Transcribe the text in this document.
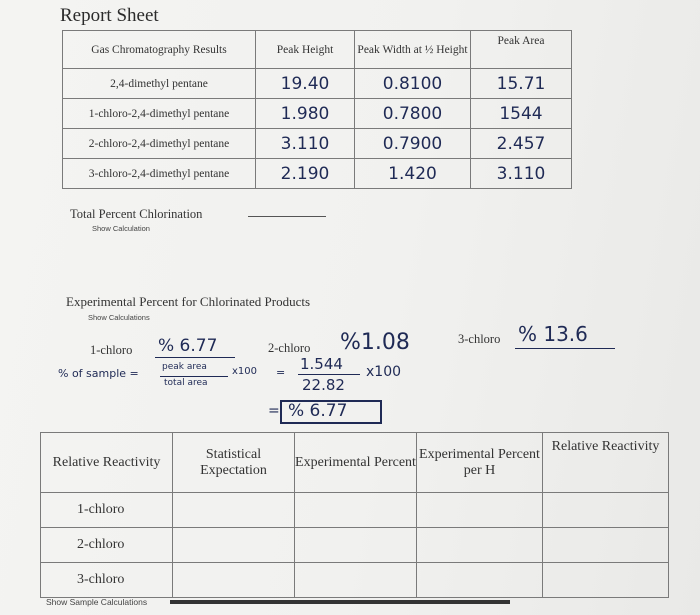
Report Sheet
Gas Chromatography Results	Peak Height	Peak Width at ½ Height	Peak Area
2,4-dimethyl pentane	19.40	0.8100	15.71
1-chloro-2,4-dimethyl pentane	1.980	0.7800	1544
2-chloro-2,4-dimethyl pentane	3.110	0.7900	2.457
3-chloro-2,4-dimethyl pentane	2.190	1.420	3.110
Total Percent Chlorination
Show Calculation
Experimental Percent for Chlorinated Products
Show Calculations
1-chloro % 6.77	2-chloro %1.08	3-chloro % 13.6
% of sample =	peak area
total area
x100 = 1.544
22.82
x100
= % 6.77
Relative Reactivity	Statistical Expectation	Experimental Percent	Experimental Percent per H	Relative Reactivity
1-chloro				
2-chloro				
3-chloro				
Show Sample Calculations
